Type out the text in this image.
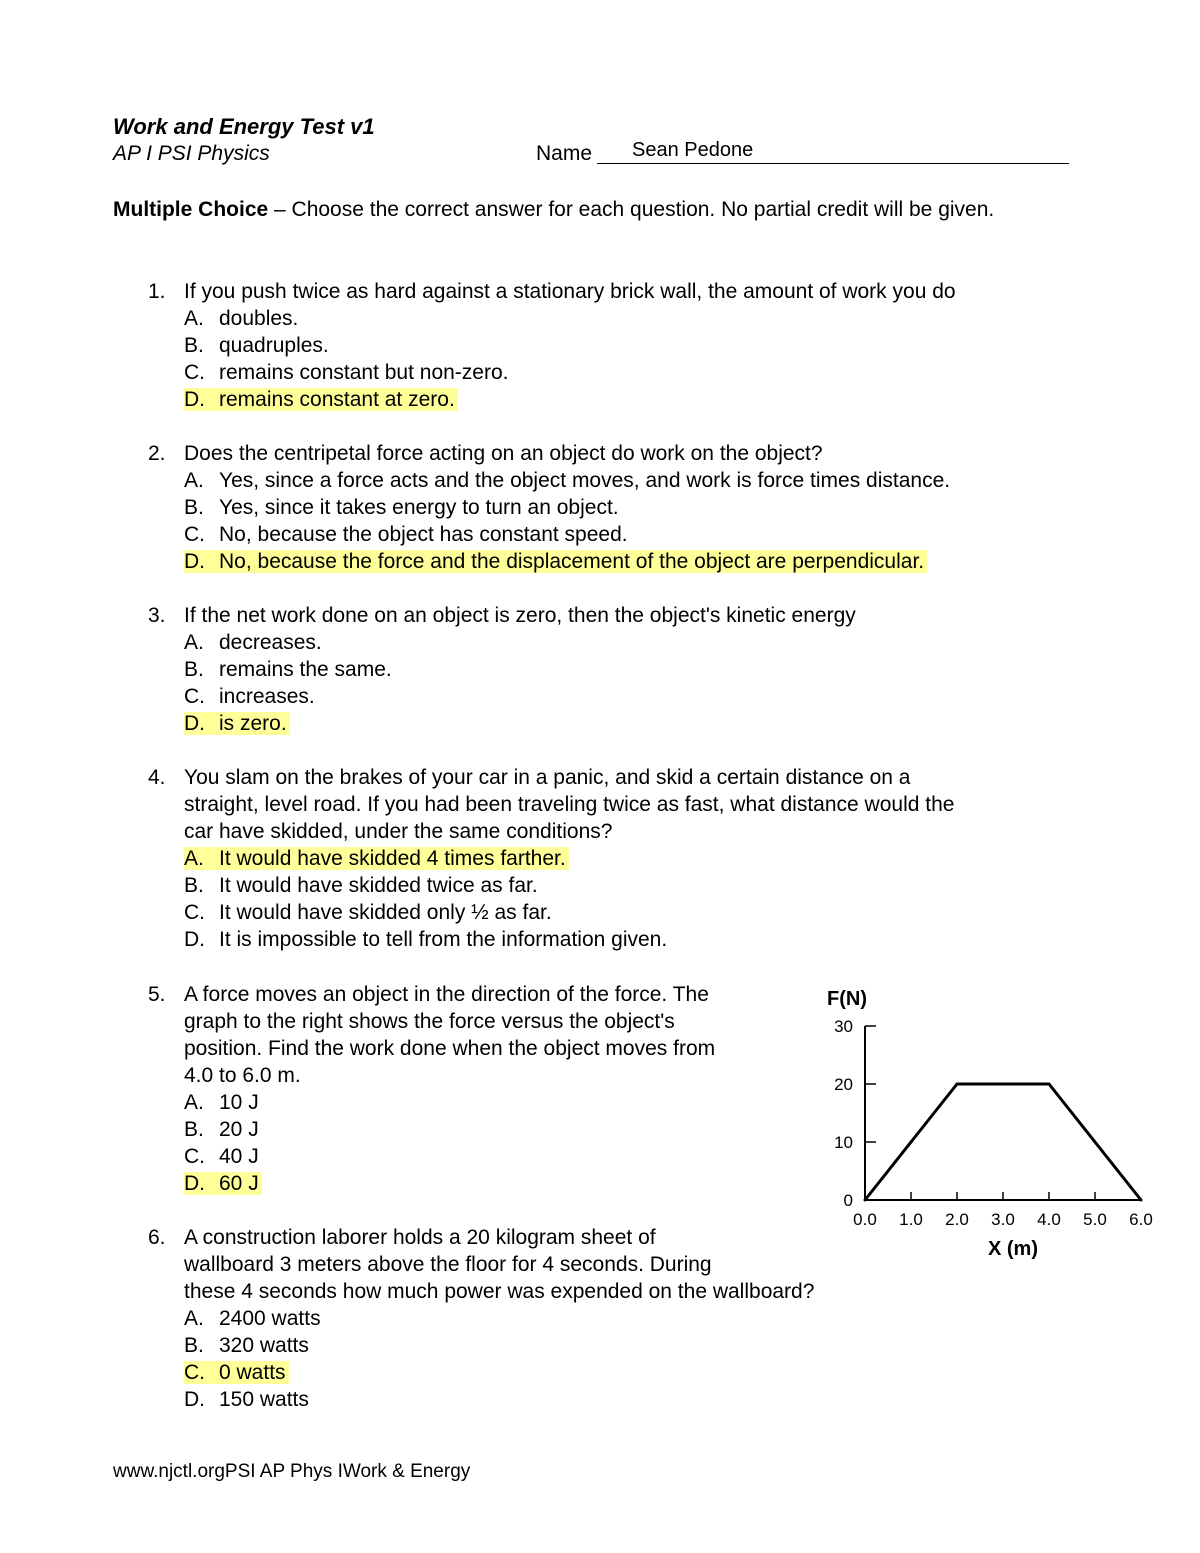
Work and Energy Test v1
AP I PSI Physics	Name Sean Pedone
Multiple Choice – Choose the correct answer for each question. No partial credit will be given.
1. If you push twice as hard against a stationary brick wall, the amount of work you do
A. doubles.
B. quadruples.
C. remains constant but non-zero.
D. remains constant at zero.
2. Does the centripetal force acting on an object do work on the object?
A. Yes, since a force acts and the object moves, and work is force times distance.
B. Yes, since it takes energy to turn an object.
C. No, because the object has constant speed.
D. No, because the force and the displacement of the object are perpendicular.
3. If the net work done on an object is zero, then the object's kinetic energy
A. decreases.
B. remains the same.
C. increases.
D. is zero.
4. You slam on the brakes of your car in a panic, and skid a certain distance on a
straight, level road. If you had been traveling twice as fast, what distance would the
car have skidded, under the same conditions?
A. It would have skidded 4 times farther.
B. It would have skidded twice as far.
C. It would have skidded only ½ as far.
D. It is impossible to tell from the information given.
5. A force moves an object in the direction of the force. The
graph to the right shows the force versus the object's
position. Find the work done when the object moves from
4.0 to 6.0 m.
A. 10 J
B. 20 J
C. 40 J
D. 60 J
6. A construction laborer holds a 20 kilogram sheet of
wallboard 3 meters above the floor for 4 seconds. During
these 4 seconds how much power was expended on the wallboard?
A. 2400 watts
B. 320 watts
C. 0 watts
D. 150 watts
0
10
20
30
0.0 1.0 2.0 3.0 4.0 5.0 6.0
F(N)
X (m)
www.njctl.orgPSI AP Phys IWork & Energy
